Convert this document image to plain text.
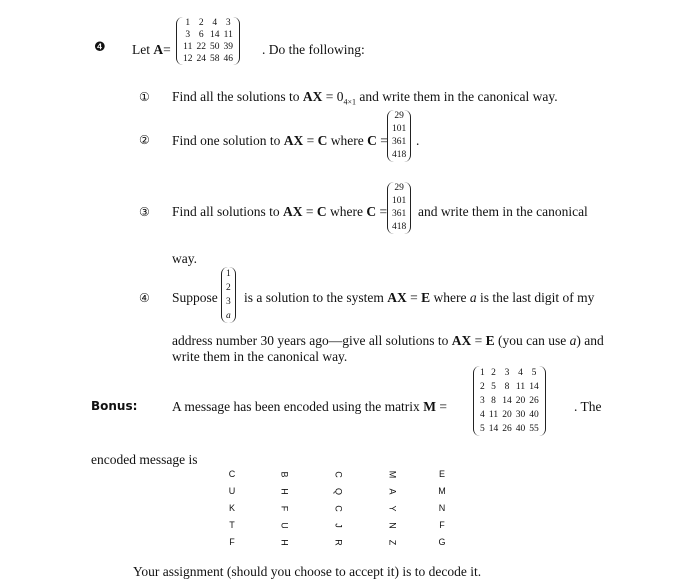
❹ Let A=
1 2 4 3
3 6 14 11
11 22 50 39
12 24 58 46
. Do the following:
① Find all the solutions to AX = $0_{4\times 1}$ and write them in the canonical way.
② Find one solution to AX = C where C =
29
101
361
418
.
③ Find all solutions to AX = C where C =
29
101
361
418
and write them in the canonical
way.
④ Suppose
1
2
3
a
is a solution to the system AX = E where a is the last digit of my
address number 30 years ago—give all solutions to AX = E (you can use a) and
write them in the canonical way.
Bonus:	A message has been encoded using the matrix M =
1 2 3 4 5
2 5 8 11 14
3 8 14 20 26
4 11 20 30 40
5 14 26 40 55
. The
encoded message is
C
U
K
T
F
B
H
F
U
H
C
Q
C
J
R
M
A
Y
N
Z
E
M
N
F
G
Your assignment (should you choose to accept it) is to decode it.
